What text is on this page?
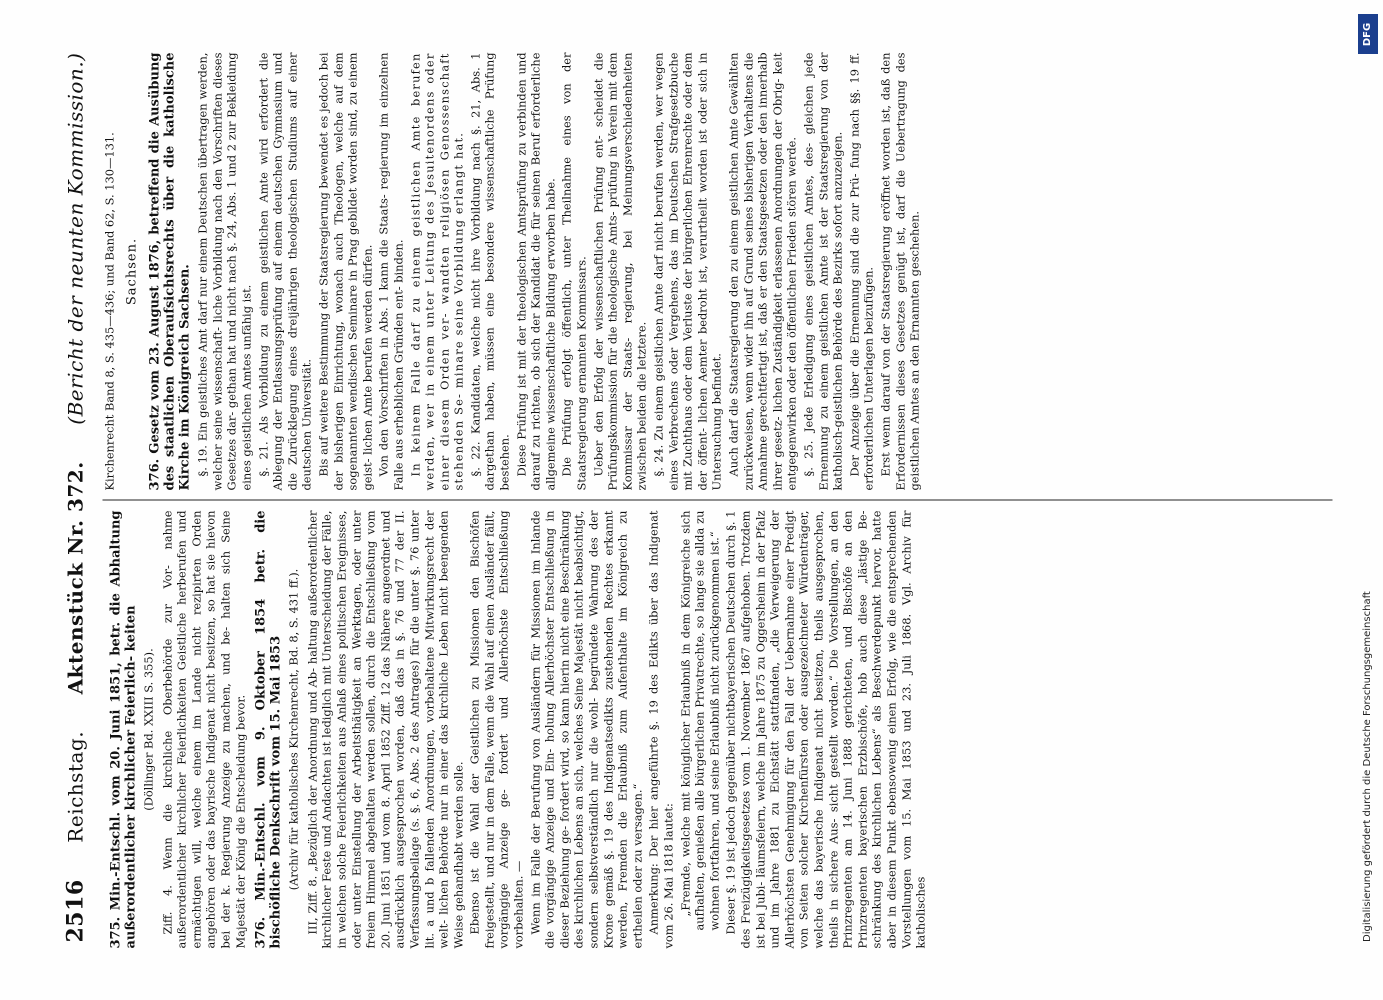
2516
Reichstag.
Aktenstück Nr. 372.
(Bericht der neunten Kommission.)
375. Min.-Entschl. vom 20. Juni 1851, betr. die Abhaltung außerordentlicher kirchlicher Feierlich- keiten (Döllinger Bd. XXIII S. 355). Ziff. 4. Wenn die kirchliche Oberbehörde zur Vor- nahme außerordentlicher kirchlicher Feierlichkeiten Geistliche herberufen und ermächtigen will, welche einem im Lande nicht rezipirten Orden angehören oder das bayrische Indigenat nicht besitzen, so hat sie hievon bei der k. Regierung Anzeige zu machen, und be- halten sich Seine Majestät der König die Entscheidung bevor. 376. Min.-Entschl. vom 9. Oktober 1854 betr. die bischöfliche Denkschrift vom 15. Mai 1853 (Archiv für katholisches Kirchenrecht, Bd. 8, S. 431 ff.). III, Ziff. 8. „Bezüglich der Anordnung und Ab- haltung außerordentlicher kirchlicher Feste und Andachten ist lediglich mit Unterscheidung der Fälle, in welchen solche Feierlichkeiten aus Anlaß eines politischen Ereignisses, oder unter Einstellung der Arbeitsthätigkeit an Werktagen, oder unter freiem Himmel abgehalten werden sollen, durch die Entschließung vom 20. Juni 1851 und vom 8. April 1852 Ziff. 12 das Nähere angeordnet und ausdrücklich ausgesprochen worden, daß das in §. 76 und 77 der II. Verfassungsbeilage (s. §. 6, Abs. 2 des Antrages) für die unter §. 76 unter lit. a und b fallenden Anordnungen, vorbehaltene Mitwirkungsrecht der welt- lichen Behörde nur in einer das kirchliche Leben nicht beengenden Weise gehandhabt werden solle. Ebenso ist die Wahl der Geistlichen zu Missionen den Bischöfen freigestellt, und nur in dem Falle, wenn die Wahl auf einen Ausländer fällt, vorgängige Anzeige ge- fordert und Allerhöchste Entschließung vorbehalten. — Wenn im Falle der Berufung von Ausländern für Missionen im Inlande die vorgängige Anzeige und Ein- holung Allerhöchster Entschließung in dieser Beziehung ge- fordert wird, so kann hierin nicht eine Beschränkung des kirchlichen Lebens an sich, welches Seine Majestät nicht beabsichtigt, sondern selbstverständlich nur die wohl- begründete Wahrung des der Krone gemäß §. 19 des Indigenatsedikts zustehenden Rechtes erkannt werden, Fremden die Erlaubniß zum Aufenthalte im Königreich zu ertheilen oder zu versagen.“ Anmerkung: Der hier angeführte §. 19 des Edikts über das Indigenat vom 26. Mai 1818 lautet: „Fremde, welche mit königlicher Erlaubniß in dem Königreiche sich aufhalten, genießen alle bürgerlichen Privatrechte, so lange sie allda zu wohnen fortfahren, und seine Erlaubniß nicht zurückgenommen ist.“ Dieser §. 19 ist jedoch gegenüber nichtbayerischen Deutschen durch §. 1 des Freizügigkeitsgesetzes vom 1. November 1867 aufgehoben. Trotzdem ist bei Jubi- läumsfeiern, welche im Jahre 1875 zu Oggersheim in der Pfalz und im Jahre 1881 zu Eichstätt stattfanden, „die Verweigerung der Allerhöchsten Genehmigung für den Fall der Uebernahme einer Predigt von Seiten solcher Kirchenfürsten oder ausgezeichneter Würdenträger, welche das bayerische Indigenat nicht besitzen, theils ausgesprochen, theils in sichere Aus- sicht gestellt worden.“ Die Vorstellungen, an den Prinzregenten am 14. Juni 1888 gerichteten, und Bischöfe an den Prinzregenten bayerischen Erzbischöfe, hob auch diese „lästige Be- schränkung des kirchlichen Lebens“ als Beschwerdepunkt hervor, hatte aber in diesem Punkt ebensowenig einen Erfolg, wie die entsprechenden Vorstellungen vom 15. Mai 1853 und 23. Juli 1868. Vgl. Archiv für katholisches

Kirchenrecht Band 8, S. 435—436; und Band 62, S. 130—131. Sachsen. 376. Gesetz vom 23. August 1876, betreffend die Ausübung des staatlichen Oberaufsichtsrechts über die katholische Kirche im Königreich Sachsen. §. 19. Ein geistliches Amt darf nur einem Deutschen übertragen werden, welcher seine wissenschaft- liche Vorbildung nach den Vorschriften dieses Gesetzes dar- gethan hat und nicht nach §. 24, Abs. 1 und 2 zur Bekleidung eines geistlichen Amtes unfähig ist. §. 21. Als Vorbildung zu einem geistlichen Amte wird erfordert die Ablegung der Entlassungsprüfung auf einem deutschen Gymnasium und die Zurücklegung eines dreijährigen theologischen Studiums auf einer deutschen Universität. Bis auf weitere Bestimmung der Staatsregierung bewendet es jedoch bei der bisherigen Einrichtung, wonach auch Theologen, welche auf dem sogenannten wendischen Seminare in Prag gebildet worden sind, zu einem geist- lichen Amte berufen werden dürfen. Von den Vorschriften in Abs. 1 kann die Staats- regierung im einzelnen Falle aus erheblichen Gründen ent- binden. In keinem Falle darf zu einem geistlichen Amte berufen werden, wer in einem unter Leitung des Jesuitenordens oder einer diesem Orden ver- wandten religiösen Genossenschaft stehenden Se- minare seine Vorbildung erlangt hat. §. 22. Kandidaten, welche nicht ihre Vorbildung nach §. 21, Abs. 1 dargethan haben, müssen eine besondere wissenschaftliche Prüfung bestehen. Diese Prüfung ist mit der theologischen Amtsprüfung zu verbinden und darauf zu richten, ob sich der Kandidat die für seinen Beruf erforderliche allgemeine wissenschaftliche Bildung erworben habe. Die Prüfung erfolgt öffentlich, unter Theilnahme eines von der Staatsregierung ernannten Kommissars. Ueber den Erfolg der wissenschaftlichen Prüfung ent- scheidet die Prüfungskommission für die theologische Amts- prüfung in Verein mit dem Kommissar der Staats- regierung, bei Meinungsverschiedenheiten zwischen beiden die letztere. §. 24. Zu einem geistlichen Amte darf nicht berufen werden, wer wegen eines Verbrechens oder Vergehens, das im Deutschen Strafgesetzbuche mit Zuchthaus oder dem Verluste der bürgerlichen Ehrenrechte oder dem der öffent- lichen Aemter bedroht ist, verurtheilt worden ist oder sich in Untersuchung befindet. Auch darf die Staatsregierung den zu einem geistlichen Amte Gewählten zurückweisen, wenn wider ihn auf Grund seines bisherigen Verhaltens die Annahme gerechtfertigt ist, daß er den Staatsgesetzen oder den innerhalb ihrer gesetz- lichen Zuständigkeit erlassenen Anordnungen der Obrig- keit entgegenwirken oder den öffentlichen Frieden stören werde. §. 25. Jede Erledigung eines geistlichen Amtes, des- gleichen jede Ernennung zu einem geistlichen Amte ist der Staatsregierung von der katholisch-geistlichen Behörde des Bezirks sofort anzuzeigen. Der Anzeige über die Ernennung sind die zur Prü- fung nach §§. 19 ff. erforderlichen Unterlagen beizufügen. Erst wenn darauf von der Staatsregierung eröffnet worden ist, daß den Erfordernissen dieses Gesetzes genügt ist, darf die Uebertragung des geistlichen Amtes an den Ernannten geschehen.

DFG
Digitalisierung gefördert durch die Deutsche Forschungsgemeinschaft
